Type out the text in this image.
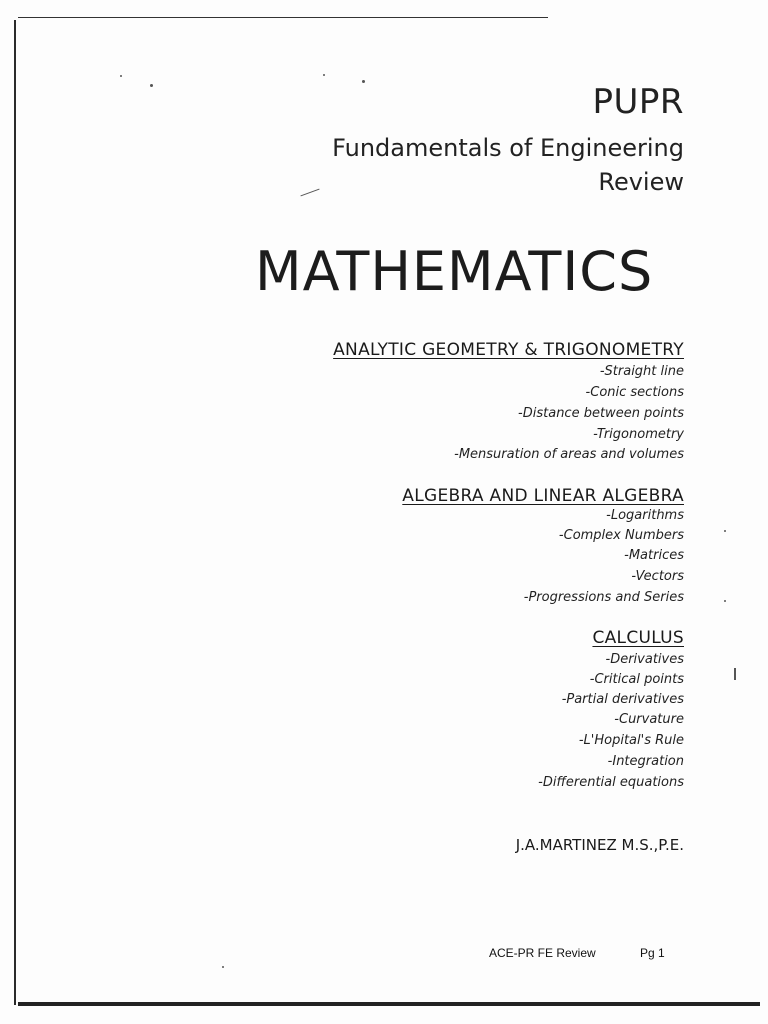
PUPR
Fundamentals of Engineering
Review
MATHEMATICS
ANALYTIC GEOMETRY & TRIGONOMETRY
-Straight line
-Conic sections
-Distance between points
-Trigonometry
-Mensuration of areas and volumes
ALGEBRA AND LINEAR ALGEBRA
-Logarithms
-Complex Numbers
-Matrices
-Vectors
-Progressions and Series
CALCULUS
-Derivatives
-Critical points
-Partial derivatives
-Curvature
-L'Hopital's Rule
-Integration
-Differential equations
J.A.MARTINEZ M.S.,P.E.
ACE-PR FE Review	Pg 1
